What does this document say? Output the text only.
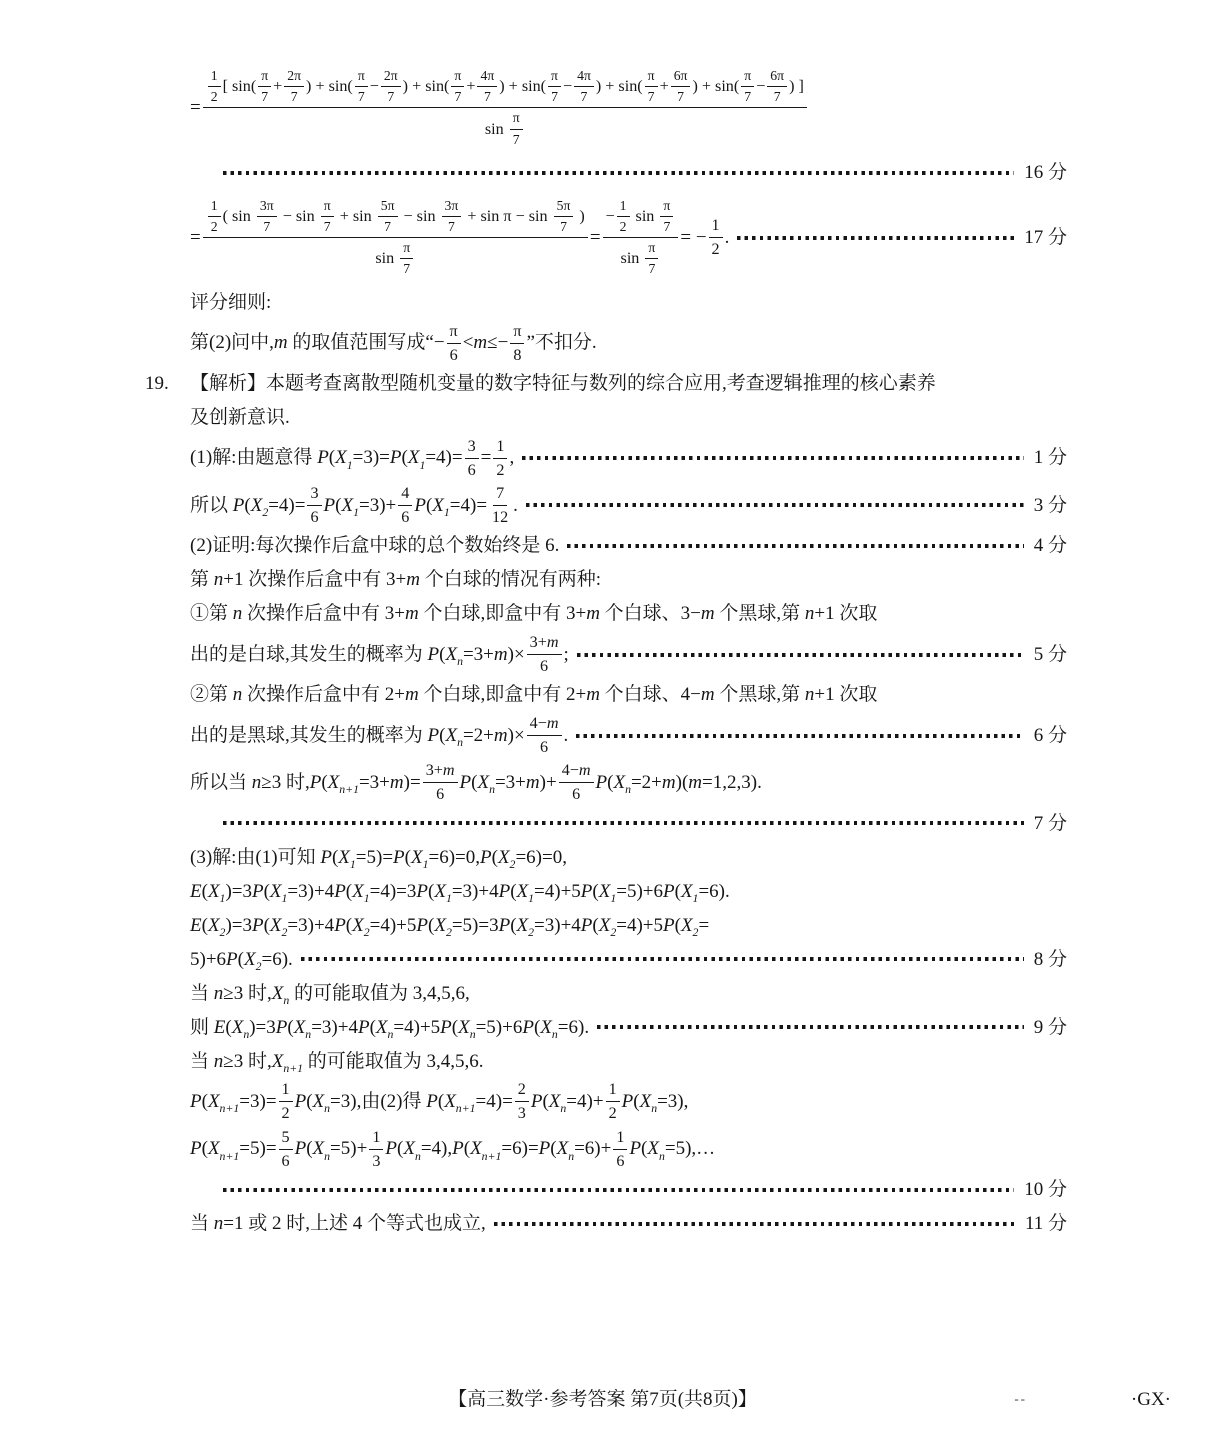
=
$\frac{1}{2}$ [ $\sin( \frac{\pi}{7} + \frac{2\pi}{7}$ ) + $\sin( \frac{\pi}{7} - \frac{2\pi}{7}$ ) + $\sin( \frac{\pi}{7} + \frac{4\pi}{7}$ ) + $\sin( \frac{\pi}{7} - \frac{4\pi}{7}$ ) + $\sin( \frac{\pi}{7} + \frac{6\pi}{7}$ ) + $\sin( \frac{\pi}{7} - \frac{6\pi}{7}$ ) ]
$\sin \frac{\pi}{7}$
16 分
= $\frac{\frac{1}{2} ( \sin \frac{3\pi}{7} - \sin \frac{\pi}{7} + \sin \frac{5\pi}{7} - \sin \frac{3\pi}{7} + \sin \pi - \sin \frac{5\pi}{7} )}{\sin \frac{\pi}{7}} = \frac{- \frac{1}{2} \sin \frac{\pi}{7}}{\sin \frac{\pi}{7}}$ = − $\frac{1}{2}$ .	17 分
评分细则:
第(2)问中,m 的取值范围写成“− $\frac{\pi}{6} <m\le- \frac{\pi}{8}$ ”不扣分.
19. 【解析】本题考查离散型随机变量的数字特征与数列的综合应用,考查逻辑推理的核心素养
及创新意识.
(1)解:由题意得 $P(X_1=3) = P(X_1=4) = \frac{3}{6} = \frac{1}{2}$ ,	1 分
所以 $P(X_2=4) = \frac{3}{6} P(X_1=3) + \frac{4}{6} P(X_1=4) = \frac{7}{12}$ .	3 分
(2)证明:每次操作后盒中球的总个数始终是 6.	4 分
第 n+1 次操作后盒中有 3+m 个白球的情况有两种:
①第 n 次操作后盒中有 3+m 个白球,即盒中有 3+m 个白球、3−m 个黑球,第 n+1 次取
出的是白球,其发生的概率为 $P(X_n=3+m) \times \frac{3+m}{6}$ ;	5 分
②第 n 次操作后盒中有 2+m 个白球,即盒中有 2+m 个白球、4−m 个黑球,第 n+1 次取
出的是黑球,其发生的概率为 $P(X_n=2+m) \times \frac{4-m}{6}$ .	6 分
所以当 n≥3 时, $P(X_{n+1}=3+m) = \frac{3+m}{6} P(X_n=3+m) + \frac{4-m}{6} P(X_n=2+m)$ (m=1,2,3).
7 分
(3)解:由(1)可知 $P(X_1=5) = P(X_1=6) =0$, $P(X_2=6) =0$,
$E(X_1) =3$ $P(X_1=3) +4$ $P(X_1=4) =3$ $P(X_1=3) +4$ $P(X_1=4) +5$ $P(X_1=5) +6$ $P(X_1=6)$ .
$E(X_2) =3$ $P(X_2=3) +4$ $P(X_2=4) +5$ $P(X_2=5) =3$ $P(X_2=3) +4$ $P(X_2=4) +5P$( $X_2$ =
5)+6 $P(X_2=6)$ .	8 分
当 n≥3 时, $X_n$ 的可能取值为 3,4,5,6,
则 $E(X_n) =3$ $P(X_n=3) +4$ $P(X_n=4) +5$ $P(X_n=5) +6$ $P(X_n=6)$ .	9 分
当 n≥3 时, $X_{n+1}$ 的可能取值为 3,4,5,6.
$P(X_{n+1}=3) = \frac{1}{2} P(X_n=3)$ ,由(2)得 $P(X_{n+1}=4) = \frac{2}{3} P(X_n=4) + \frac{1}{2} P(X_n=3)$ ,
$P(X_{n+1}=5) = \frac{5}{6} P(X_n=5) + \frac{1}{3} P(X_n=4)$ , $P(X_{n+1}=6) = P(X_n=6) + \frac{1}{6} P(X_n=5)$ ,…
10 分
当 n=1 或 2 时,上述 4 个等式也成立,	11 分
【高三数学·参考答案 第7页(共8页)】	--	·GX·
